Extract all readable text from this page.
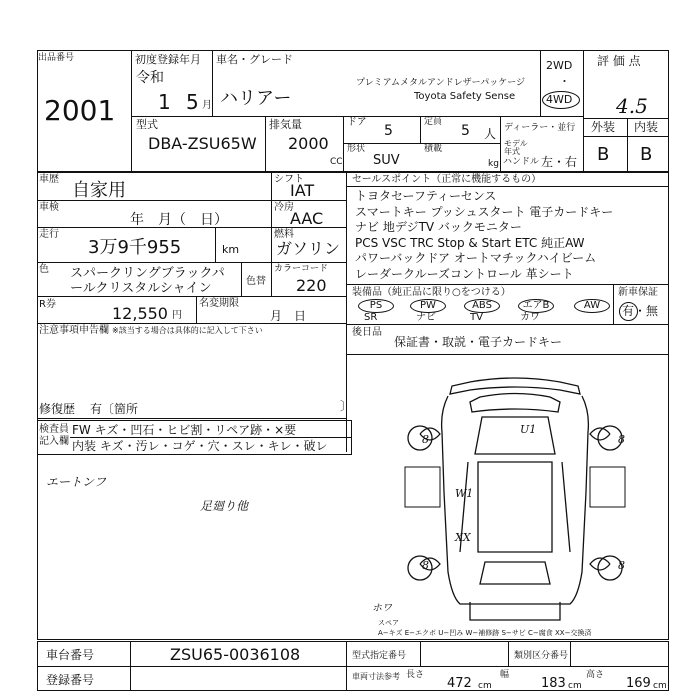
出品番号
2001
初度登録年月
令和
1 5 月
車名・グレード
ハリアー
プレミアムメタルアンドレザーパッケージ
Toyota Safety Sense
2WD
・
4WD
評 価 点
4.5
外装 内装
B B
型式
DBA-ZSU65W
排気量
2000
CC
ドア
5
定員
5 人
形状
SUV
積載
kg
ディーラー・並行
モデル年式
ハンドル 左・右
車歴
自家用
車検
年　月（　日）
走行
3万9千955	km
色 スパークリングブラックパ
ールクリスタルシャイン	色替
シフト
IAT
冷房
AAC
燃料
ガソリン
カラーコード
220
R券	12,550 円
名変期限
月　日
注意事項申告欄 ※該当する場合は具体的に記入して下さい
修復歴 有〔箇所	〕
検査員記入欄
FW キズ・凹石・ヒビ割・リペア跡・×要
内装 キズ・汚レ・コゲ・穴・スレ・キレ・破レ
エートンフ
足廻り他
セールスポイント（正常に機能するもの）
トヨタセーフティーセンス
スマートキー プッシュスタート 電子カードキー
ナビ 地デジTV バックモニター
PCS VSC TRC Stop & Start ETC 純正AW
パワーバックドア オートマチックハイビーム
レーダークルーズコントロール 革シート
装備品（純正品に限り○をつける）	新車保証
有・無
PS	PW	ABS	エアB	AW
SR	ナビ	TV	カワ
後日品
保証書・取説・電子カードキー
U1
8	8
W1
XX
8	8
ホワ
スペア
A−キズ E−エクボ U−凹み W−補修跡 S−サビ C−腐食 XX−交換済
車台番号	ZSU65-0036108
登録番号
型式指定番号	類別区分番号
車両寸法参考 長さ
472 cm
幅
183 cm
高さ
169 cm
